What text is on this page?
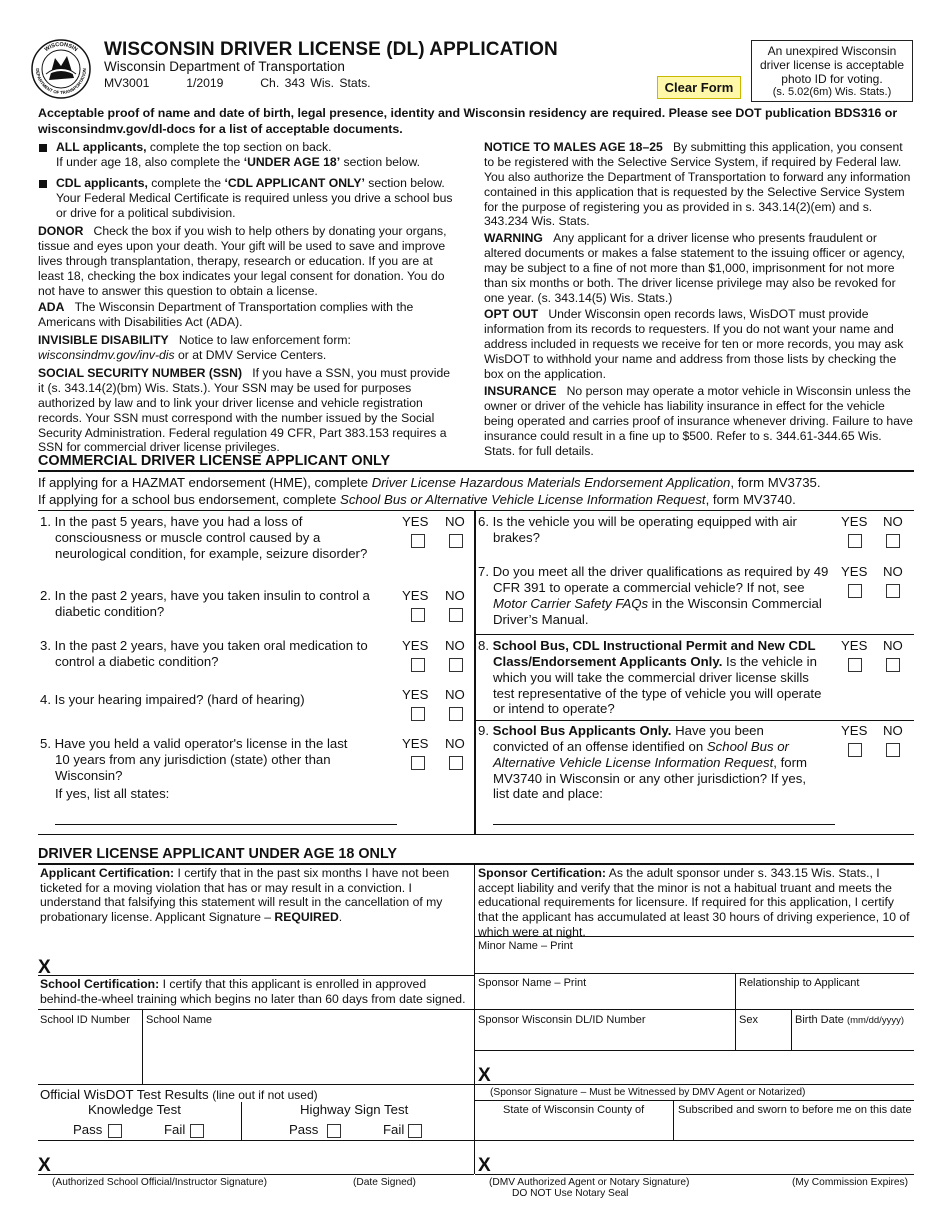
WISCONSIN
DEPARTMENT OF TRANSPORTATION
WISCONSIN DRIVER LICENSE (DL) APPLICATION
Wisconsin Department of Transportation
MV3001	1/2019	Ch. 343 Wis. Stats.	Clear Form
An unexpired Wisconsin driver license is acceptable photo ID for voting.
(s. 5.02(6m) Wis. Stats.)
Acceptable proof of name and date of birth, legal presence, identity and Wisconsin residency are required. Please see DOT publication BDS316 or wisconsindmv.gov/dl-docs for a list of acceptable documents.
ALL applicants, complete the top section on back.
If under age 18, also complete the ‘UNDER AGE 18’ section below.
CDL applicants, complete the ‘CDL APPLICANT ONLY’ section below. Your Federal Medical Certificate is required unless you drive a school bus or drive for a political subdivision.
DONOR Check the box if you wish to help others by donating your organs, tissue and eyes upon your death. Your gift will be used to save and improve lives through transplantation, therapy, research or education. If you are at least 18, checking the box indicates your legal consent for donation. You do not have to answer this question to obtain a license.
ADA The Wisconsin Department of Transportation complies with the Americans with Disabilities Act (ADA).
INVISIBLE DISABILITY Notice to law enforcement form:
wisconsindmv.gov/inv-dis or at DMV Service Centers.
SOCIAL SECURITY NUMBER (SSN) If you have a SSN, you must provide it (s. 343.14(2)(bm) Wis. Stats.). Your SSN may be used for purposes authorized by law and to link your driver license and vehicle registration records. Your SSN must correspond with the number issued by the Social Security Administration. Federal regulation 49 CFR, Part 383.153 requires a SSN for commercial driver license privileges.
NOTICE TO MALES AGE 18–25 By submitting this application, you consent to be registered with the Selective Service System, if required by Federal law. You also authorize the Department of Transportation to forward any information contained in this application that is requested by the Selective Service System for the purpose of registering you as provided in s. 343.14(2)(em) and s. 343.234 Wis. Stats.
WARNING Any applicant for a driver license who presents fraudulent or altered documents or makes a false statement to the issuing officer or agency, may be subject to a fine of not more than $1,000, imprisonment for not more than six months or both. The driver license privilege may also be revoked for one year. (s. 343.14(5) Wis. Stats.)
OPT OUT Under Wisconsin open records laws, WisDOT must provide information from its records to requesters. If you do not want your name and address included in requests we receive for ten or more records, you may ask WisDOT to withhold your name and address from those lists by checking the box on the application.
INSURANCE No person may operate a motor vehicle in Wisconsin unless the owner or driver of the vehicle has liability insurance in effect for the vehicle being operated and carries proof of insurance whenever driving. Failure to have insurance could result in a fine up to $500. Refer to s. 344.61-344.65 Wis. Stats. for full details.
COMMERCIAL DRIVER LICENSE APPLICANT ONLY
If applying for a HAZMAT endorsement (HME), complete Driver License Hazardous Materials Endorsement Application, form MV3735.
If applying for a school bus endorsement, complete School Bus or Alternative Vehicle License Information Request, form MV3740.
1. In the past 5 years, have you had a loss of consciousness or muscle control caused by a neurological condition, for example, seizure disorder?
YES NO
2. In the past 2 years, have you taken insulin to control a diabetic condition?
YES NO
3. In the past 2 years, have you taken oral medication to control a diabetic condition?
YES NO
4. Is your hearing impaired? (hard of hearing)	YES NO
5. Have you held a valid operator's license in the last 10 years from any jurisdiction (state) other than Wisconsin?
If yes, list all states:
YES NO
6. Is the vehicle you will be operating equipped with air brakes?
YES NO
7. Do you meet all the driver qualifications as required by 49 CFR 391 to operate a commercial vehicle? If not, see Motor Carrier Safety FAQs in the Wisconsin Commercial Driver’s Manual.
YES NO
8. School Bus, CDL Instructional Permit and New CDL Class/Endorsement Applicants Only. Is the vehicle in which you will take the commercial driver license skills test representative of the type of vehicle you will operate or intend to operate?
YES NO
9. School Bus Applicants Only. Have you been convicted of an offense identified on School Bus or Alternative Vehicle License Information Request, form MV3740 in Wisconsin or any other jurisdiction? If yes, list date and place:
YES NO
DRIVER LICENSE APPLICANT UNDER AGE 18 ONLY
Applicant Certification: I certify that in the past six months I have not been ticketed for a moving violation that has or may result in a conviction. I understand that falsifying this statement will result in the cancellation of my probationary license. Applicant Signature – REQUIRED.
X
Sponsor Certification: As the adult sponsor under s. 343.15 Wis. Stats., I accept liability and verify that the minor is not a habitual truant and meets the educational requirements for licensure. If required for this application, I certify that the applicant has accumulated at least 30 hours of driving experience, 10 of which were at night.
Minor Name – Print
School Certification: I certify that this applicant is enrolled in approved behind-the-wheel training which begins no later than 60 days from date signed.
Sponsor Name – Print	Relationship to Applicant
School ID Number School Name	Sponsor Wisconsin DL/ID Number	Sex	Birth Date (mm/dd/yyyy)
X
(Sponsor Signature – Must be Witnessed by DMV Agent or Notarized)
Official WisDOT Test Results (line out if not used)
Knowledge Test	Highway Sign Test
Pass	Fail	Pass	Fail
State of Wisconsin County of	Subscribed and sworn to before me on this date
X
(Authorized School Official/Instructor Signature)	(Date Signed)
X
(DMV Authorized Agent or Notary Signature)
DO NOT Use Notary Seal
(My Commission Expires)
